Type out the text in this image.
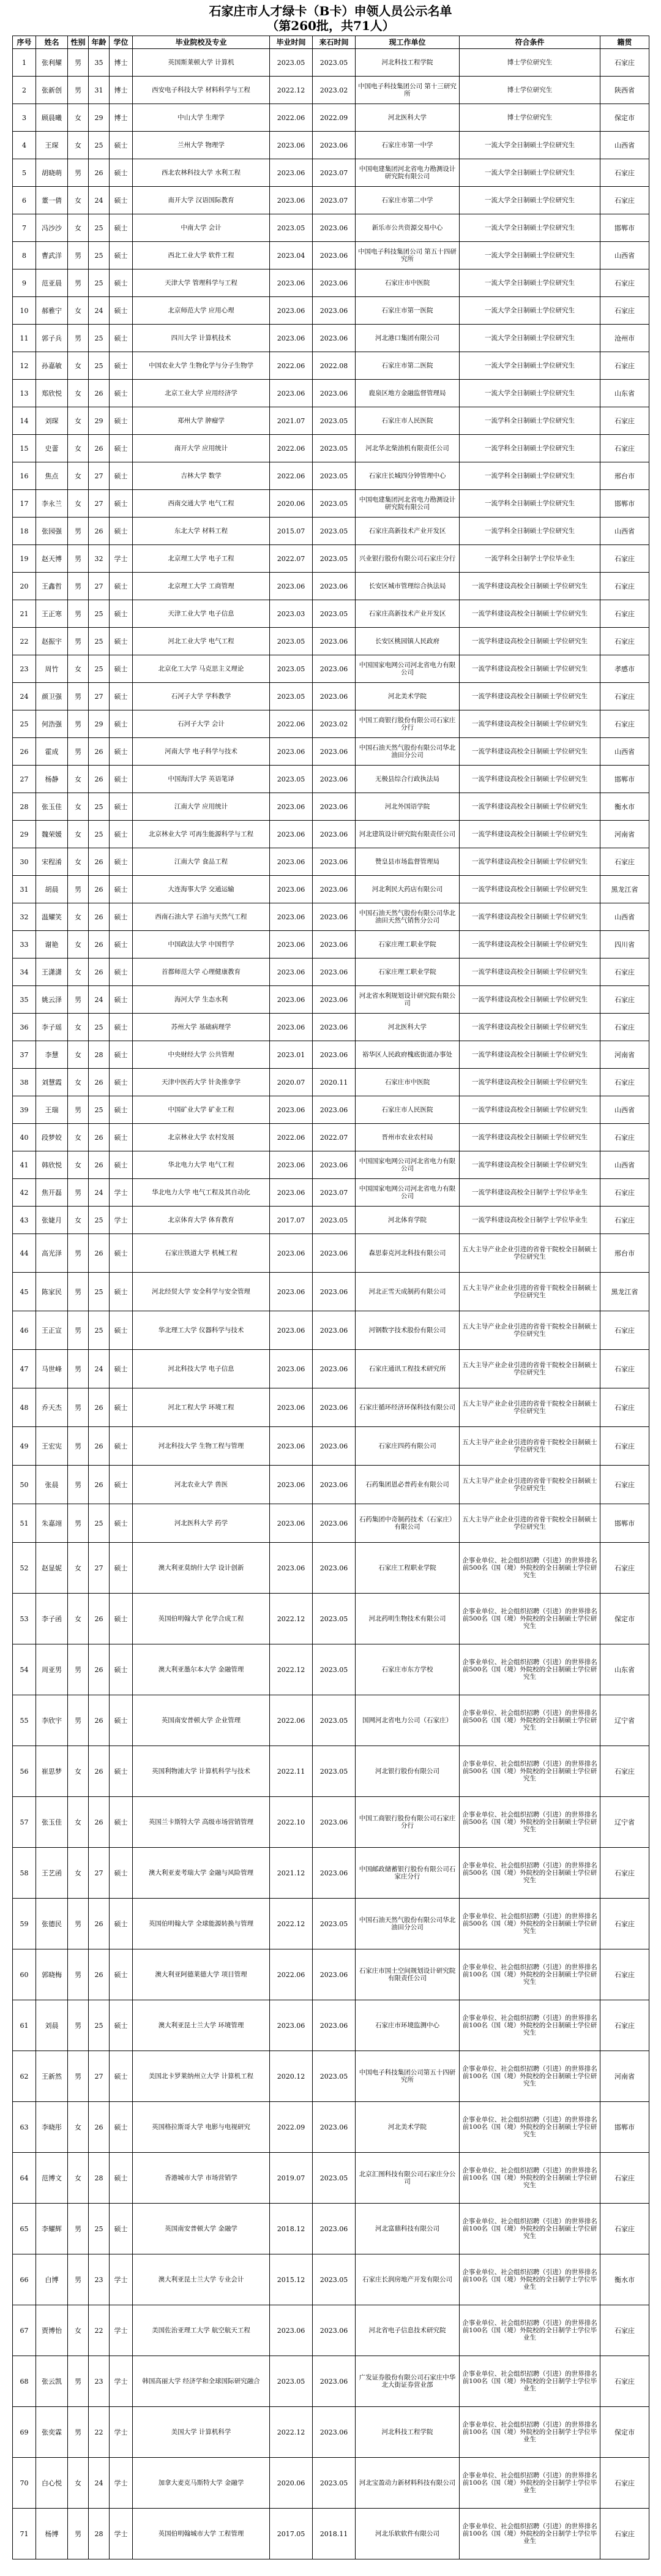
石家庄市人才绿卡（B卡）申领人员公示名单
（第260批，共71人）
序号	姓名	性别	年龄	学位	毕业院校及专业	毕业时间	来石时间	现工作单位	符合条件	籍贯
1	张利耀	男	35	博士	英国斯莱顿大学 计算机	2023.05	2023.05	河北科技工程学院	博士学位研究生	石家庄
2	张新创	男	31	博士	西安电子科技大学 材料科学与工程	2022.12	2023.02	中国电子科技集团公司 第十三研究所	博士学位研究生	陕西省
3	顾晨曦	女	29	博士	中山大学 生理学	2022.06	2022.09	河北医科大学	博士学位研究生	保定市
4	王琛	女	25	硕士	兰州大学 物理学	2023.06	2023.06	石家庄市第一中学	一流大学全日制硕士学位研究生	山西省
5	胡晓萌	男	26	硕士	西北农林科技大学 水利工程	2023.06	2023.07	中国电建集团河北省电力勘测设计研究院有限公司	一流大学全日制硕士学位研究生	石家庄
6	董一倩	女	24	硕士	南开大学 汉语国际教育	2023.06	2023.07	石家庄市第二中学	一流大学全日制硕士学位研究生	石家庄
7	冯沙沙	女	25	硕士	中南大学 会计	2023.05	2023.06	新乐市公共资源交易中心	一流大学全日制硕士学位研究生	邯郸市
8	曹武洋	男	25	硕士	西北工业大学 软件工程	2023.04	2023.06	中国电子科技集团公司 第五十四研究所	一流大学全日制硕士学位研究生	山西省
9	范亚晨	男	25	硕士	天津大学 管理科学与工程	2023.06	2023.06	石家庄市中医院	一流大学全日制硕士学位研究生	石家庄
10	郝雅宁	女	24	硕士	北京师范大学 应用心理	2023.06	2023.06	石家庄市第一医院	一流大学全日制硕士学位研究生	石家庄
11	郭子兵	男	25	硕士	四川大学 计算机技术	2023.06	2023.06	河北港口集团有限公司	一流大学全日制硕士学位研究生	沧州市
12	孙嘉敏	女	25	硕士	中国农业大学 生物化学与分子生物学	2022.06	2022.08	石家庄市第二医院	一流大学全日制硕士学位研究生	石家庄
13	郑欣悦	女	26	硕士	北京工业大学 应用经济学	2023.06	2023.06	鹿泉区地方金融监督管理局	一流大学全日制硕士学位研究生	山东省
14	刘琛	女	29	硕士	郑州大学 肿瘤学	2021.07	2023.05	石家庄市人民医院	一流学科全日制硕士学位研究生	石家庄
15	史蕾	女	26	硕士	南开大学 应用统计	2022.06	2023.05	河北华北柴油机有限责任公司	一流学科全日制硕士学位研究生	石家庄
16	焦点	女	27	硕士	吉林大学 数学	2022.06	2023.05	石家庄长城四分钟管理中心	一流学科全日制硕士学位研究生	邢台市
17	李永兰	女	27	硕士	西南交通大学 电气工程	2020.06	2023.05	中国电建集团河北省电力勘测设计研究院有限公司	一流学科全日制硕士学位研究生	邯郸市
18	张园强	男	26	硕士	东北大学 材料工程	2015.07	2023.05	石家庄高新技术产业开发区	一流学科全日制硕士学位研究生	山西省
19	赵天博	男	32	学士	北京理工大学 电子工程	2022.07	2023.05	兴业银行股份有限公司石家庄分行	一流学科全日制学士学位毕业生	石家庄
20	王鑫哲	男	27	硕士	北京理工大学 工商管理	2023.06	2023.06	长安区城市管理综合执法局	一流学科建设高校全日制硕士学位研究生	石家庄
21	王正寒	男	25	硕士	天津工业大学 电子信息	2023.03	2023.05	石家庄高新技术产业开发区	一流学科建设高校全日制硕士学位研究生	石家庄
22	赵振宇	男	25	硕士	河北工业大学 电气工程	2023.05	2023.06	长安区桃园镇人民政府	一流学科建设高校全日制硕士学位研究生	石家庄
23	周竹	女	25	硕士	北京化工大学 马克思主义理论	2023.05	2023.06	中国国家电网公司河北省电力有限公司	一流学科建设高校全日制硕士学位研究生	孝感市
24	颜卫强	男	27	硕士	石河子大学 学科教学	2023.05	2023.06	河北美术学院	一流学科建设高校全日制硕士学位研究生	石家庄
25	何浩强	男	29	硕士	石河子大学 会计	2022.06	2023.02	中国工商银行股份有限公司石家庄分行	一流学科建设高校全日制硕士学位研究生	石家庄
26	霍成	男	26	硕士	河南大学 电子科学与技术	2023.06	2023.06	中国石油天然气股份有限公司华北油田分公司	一流学科建设高校全日制硕士学位研究生	山西省
27	杨静	女	26	硕士	中国海洋大学 英语笔译	2023.05	2023.06	无极县综合行政执法局	一流学科建设高校全日制硕士学位研究生	邯郸市
28	张玉佳	女	25	硕士	江南大学 应用统计	2023.06	2023.06	河北外国语学院	一流学科建设高校全日制硕士学位研究生	衡水市
29	魏荣媛	女	25	硕士	北京林业大学 可再生能源科学与工程	2023.06	2023.06	河北建筑设计研究院有限责任公司	一流学科建设高校全日制硕士学位研究生	河南省
30	宋程淆	女	26	硕士	江南大学 食品工程	2023.06	2023.06	赞皇县市场监督管理局	一流学科建设高校全日制硕士学位研究生	石家庄
31	胡晨	男	26	硕士	大连海事大学 交通运输	2023.06	2023.06	河北利民大药店有限公司	一流学科建设高校全日制硕士学位研究生	黑龙江省
32	温耀笑	女	26	硕士	西南石油大学 石油与天然气工程	2023.06	2023.06	中国石油天然气股份有限公司华北油田天然气销售分公司	一流学科建设高校全日制硕士学位研究生	山西省
33	谢艳	女	26	硕士	中国政法大学 中国哲学	2023.06	2023.06	石家庄理工职业学院	一流学科建设高校全日制硕士学位研究生	四川省
34	王潇潇	女	26	硕士	首都师范大学 心理健康教育	2023.06	2023.06	石家庄理工职业学院	一流学科建设高校全日制硕士学位研究生	石家庄
35	姚云泽	男	24	硕士	海河大学 生态水利	2023.06	2023.06	河北省水利规划设计研究院有限公司	一流学科建设高校全日制硕士学位研究生	石家庄
36	李子瑶	女	25	硕士	苏州大学 基础病理学	2023.06	2023.06	河北医科大学	一流学科建设高校全日制硕士学位研究生	石家庄
37	李慧	女	28	硕士	中央财经大学 公共管理	2023.01	2023.06	裕华区人民政府槐底街道办事处	一流学科建设高校全日制硕士学位研究生	河南省
38	刘慧霞	女	26	硕士	天津中医药大学 针灸推拿学	2020.07	2020.11	石家庄市中医院	一流学科建设高校全日制硕士学位研究生	石家庄
39	王瑞	男	25	硕士	中国矿业大学 矿业工程	2023.06	2023.06	石家庄市人民医院	一流学科建设高校全日制硕士学位研究生	山西省
40	段梦姣	女	26	硕士	北京林业大学 农村发展	2022.06	2022.07	晋州市农业农村局	一流学科建设高校全日制硕士学位研究生	石家庄
41	韩欣悦	女	26	硕士	华北电力大学 电气工程	2023.06	2023.06	中国国家电网公司河北省电力有限公司	一流学科建设高校全日制硕士学位研究生	山西省
42	焦开磊	男	24	学士	华北电力大学 电气工程及其自动化	2023.06	2023.07	中国国家电网公司河北省电力有限公司	一流学科建设高校全日制学士学位毕业生	石家庄
43	张婕月	女	25	学士	北京体育大学 体育教育	2017.07	2023.05	河北体育学院	一流学科建设高校全日制学士学位毕业生	石家庄
44	高光泽	男	26	硕士	石家庄铁道大学 机械工程	2023.06	2023.06	森思泰克河北科技有限公司	五大主导产业企业引进的省骨干院校全日制硕士学位研究生	邢台市
45	陈家民	男	25	硕士	河北经贸大学 安全科学与安全管理	2023.06	2023.06	河北正雪天成制药有限公司	五大主导产业企业引进的省骨干院校全日制硕士学位研究生	黑龙江省
46	王正宣	男	25	硕士	华北理工大学 仪器科学与技术	2023.06	2023.06	河钢数字技术股份有限公司	五大主导产业企业引进的省骨干院校全日制硕士学位研究生	石家庄
47	马世峰	男	24	硕士	河北科技大学 电子信息	2023.06	2023.06	石家庄通讯工程技术研究所	五大主导产业企业引进的省骨干院校全日制硕士学位研究生	石家庄
48	乔天杰	男	26	硕士	河北工程大学 环境工程	2023.06	2023.06	石家庄循环经济环保科技有限公司	五大主导产业企业引进的省骨干院校全日制硕士学位研究生	石家庄
49	王宏宪	男	26	硕士	河北科技大学 生物工程与管理	2023.06	2023.06	石家庄四药有限公司	五大主导产业企业引进的省骨干院校全日制硕士学位研究生	石家庄
50	张晨	男	26	硕士	河北农业大学 兽医	2023.06	2023.06	石药集团恩必普药业有限公司	五大主导产业企业引进的省骨干院校全日制硕士学位研究生	石家庄
51	朱嘉翊	男	25	硕士	河北医科大学 药学	2023.06	2023.06	石药集团中奇制药技术（石家庄）有限公司	五大主导产业企业引进的省骨干院校全日制硕士学位研究生	邯郸市
52	赵显妮	女	27	硕士	澳大利亚莫纳什大学 设计创新	2023.06	2023.06	石家庄工程职业学院	企事业单位、社会组织招聘（引进）的世界排名前500名（国（境）外院校的全日制硕士学位研究生	石家庄
53	李子函	女	26	硕士	英国伯明翰大学 化学合成工程	2022.12	2023.05	河北药明生物技术有限公司	企事业单位、社会组织招聘（引进）的世界排名前500名（国（境）外院校的全日制硕士学位研究生	保定市
54	周亚男	男	26	硕士	澳大利亚墨尔本大学 金融管理	2022.12	2023.05	石家庄市东方学校	企事业单位、社会组织招聘（引进）的世界排名前500名（国（境）外院校的全日制硕士学位研究生	山东省
55	李欣宇	男	26	硕士	英国南安普顿大学 企业管理	2022.06	2023.05	国网河北省电力公司（石家庄）	企事业单位、社会组织招聘（引进）的世界排名前500名（国（境）外院校的全日制硕士学位研究生	辽宁省
56	崔思梦	女	26	硕士	英国利物浦大学 计算机科学与技术	2022.11	2023.05	河北银行股份有限公司	企事业单位、社会组织招聘（引进）的世界排名前500名（国（境）外院校的全日制硕士学位研究生	石家庄
57	张玉佳	女	26	硕士	英国兰卡斯特大学 高级市场营销管理	2022.10	2023.06	中国工商银行股份有限公司石家庄分行	企事业单位、社会组织招聘（引进）的世界排名前500名（国（境）外院校的全日制硕士学位研究生	辽宁省
58	王艺函	女	27	硕士	澳大利亚麦考瑞大学 金融与风险管理	2021.12	2023.06	中国邮政储蓄银行股份有限公司石家庄分行	企事业单位、社会组织招聘（引进）的世界排名前500名（国（境）外院校的全日制硕士学位研究生	石家庄
59	张德民	男	26	硕士	英国伯明翰大学 全球能源转换与管理	2022.12	2023.05	中国石油天然气股份有限公司华北油田分公司	企事业单位、社会组织招聘（引进）的世界排名前500名（国（境）外院校的全日制硕士学位研究生	石家庄
60	郭晓梅	男	26	硕士	澳大利亚阿德莱德大学 项目管理	2022.06	2023.06	石家庄市国土空间规划设计研究院有限责任公司	企事业单位、社会组织招聘（引进）的世界排名前100名（国（境）外院校的全日制硕士学位研究生	石家庄
61	刘晨	男	25	硕士	澳大利亚昆士兰大学 环境管理	2023.06	2023.06	石家庄市环境监测中心	企事业单位、社会组织招聘（引进）的世界排名前100名（国（境）外院校的全日制硕士学位研究生	石家庄
62	王新然	男	27	硕士	美国北卡罗莱纳州立大学 计算机工程	2020.12	2023.05	中国电子科技集团公司第五十四研究所	企事业单位、社会组织招聘（引进）的世界排名前100名（国（境）外院校的全日制硕士学位研究生	河南省
63	李晓彤	女	26	硕士	英国格拉斯哥大学 电影与电视研究	2022.09	2023.06	河北美术学院	企事业单位、社会组织招聘（引进）的世界排名前100名（国（境）外院校的全日制硕士学位研究生	邯郸市
64	范博文	女	28	硕士	香港城市大学 市场营销学	2019.07	2023.05	北京汇图科技有限公司石家庄分公司	企事业单位、社会组织招聘（引进）的世界排名前100名（国（境）外院校的全日制硕士学位研究生	石家庄
65	李耀辉	男	25	硕士	英国南安普顿大学 金融学	2018.12	2023.06	河北富鼎科技有限公司	企事业单位、社会组织招聘（引进）的世界排名前100名（国（境）外院校的全日制硕士学位研究生	石家庄
66	白博	男	23	学士	澳大利亚昆士兰大学 专业会计	2015.12	2023.05	石家庄长润房地产开发有限公司	企事业单位、社会组织招聘（引进）的世界排名前100名（国（境）外院校的全日制学士学位毕业生	衡水市
67	贾博怡	女	22	学士	美国佐治亚理工大学 航空航天工程	2023.06	2023.06	河北省电子信息技术研究院	企事业单位、社会组织招聘（引进）的世界排名前100名（国（境）外院校的全日制学士学位毕业生	石家庄
68	张云凯	男	23	学士	韩国高丽大学 经济学和全球国际研究融合	2023.05	2023.06	广发证券股份有限公司石家庄中华北大街证券营业部	企事业单位、社会组织招聘（引进）的世界排名前100名（国（境）外院校的全日制学士学位毕业生	石家庄
69	张奕霖	男	22	学士	美国大学 计算机科学	2022.12	2023.06	河北科技工程学院	企事业单位、社会组织招聘（引进）的世界排名前100名（国（境）外院校的全日制学士学位毕业生	保定市
70	白心悦	女	24	学士	加拿大麦克马斯特大学 金融学	2020.06	2023.05	河北宝盈动力新材料科技有限公司	企事业单位、社会组织招聘（引进）的世界排名前100名（国（境）外院校的全日制学士学位毕业生	石家庄
71	杨博	男	28	学士	英国伯明翰城市大学 工程管理	2017.05	2018.11	河北乐软软件有限公司	企事业单位、社会组织招聘（引进）的世界排名前100名（国（境）外院校的全日制学士学位毕业生	石家庄
